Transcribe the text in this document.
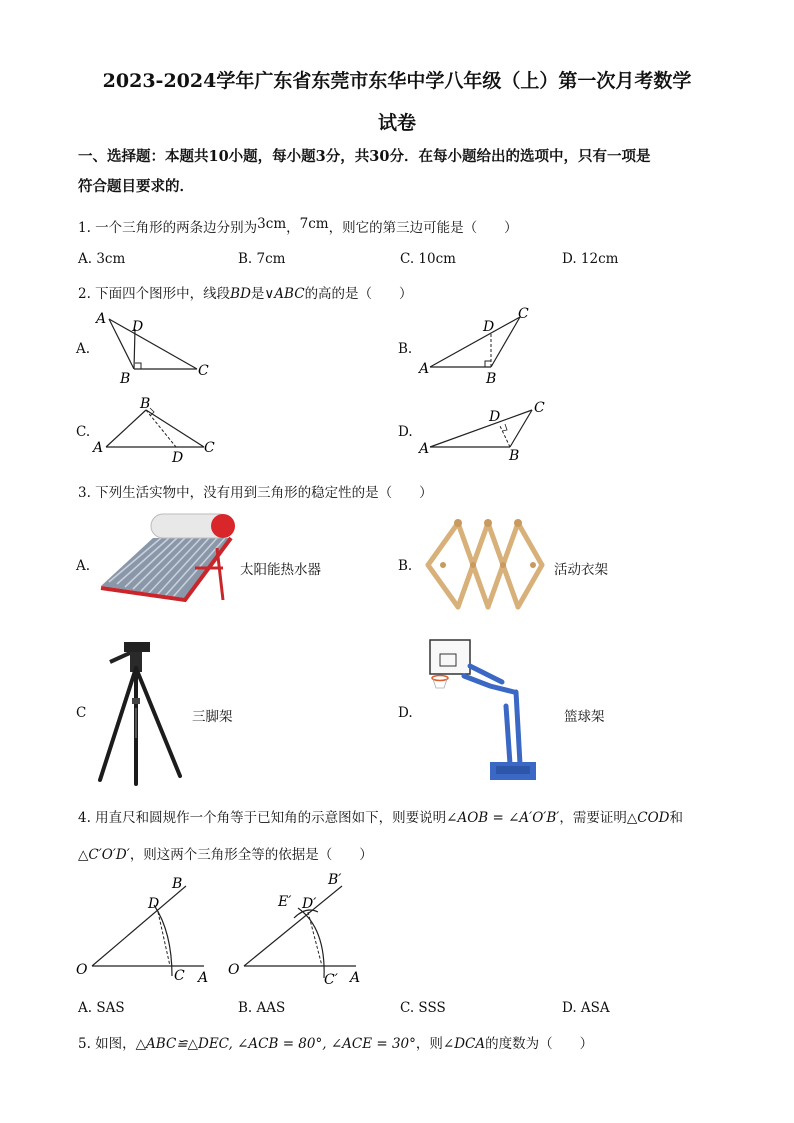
2023-2024学年广东省东莞市东华中学八年级（上）第一次月考数学
试卷
一、选择题：本题共10小题，每小题3分，共30分．在每小题给出的选项中，只有一项是
符合题目要求的．
1. 一个三角形的两条边分别为3cm，7cm，则它的第三边可能是（　　）
A. 3cm	B. 7cm	C. 10cm	D. 12cm
2. 下面四个图形中，线段BD是∨ABC的高的是（　　）
A.
A D
B	C
B.
A
D
B
C
C.
A
B
C
D
D.
A
D
B
C
3. 下列生活实物中，没有用到三角形的稳定性的是（　　）
A.	太阳能热水器	B.	活动衣架
C	三脚架	D.	篮球架
4. 用直尺和圆规作一个角等于已知角的示意图如下，则要说明∠AOB = ∠A′O′B′，需要证明△COD和
△C′O′D′，则这两个三角形全等的依据是（　　）
O	A
B
C
D
O	A
B′
C′
D′
E′
A. SAS	B. AAS	C. SSS	D. ASA
5. 如图，△ABC≌△DEC, ∠ACB = 80°, ∠ACE = 30°，则∠DCA的度数为（　　）
